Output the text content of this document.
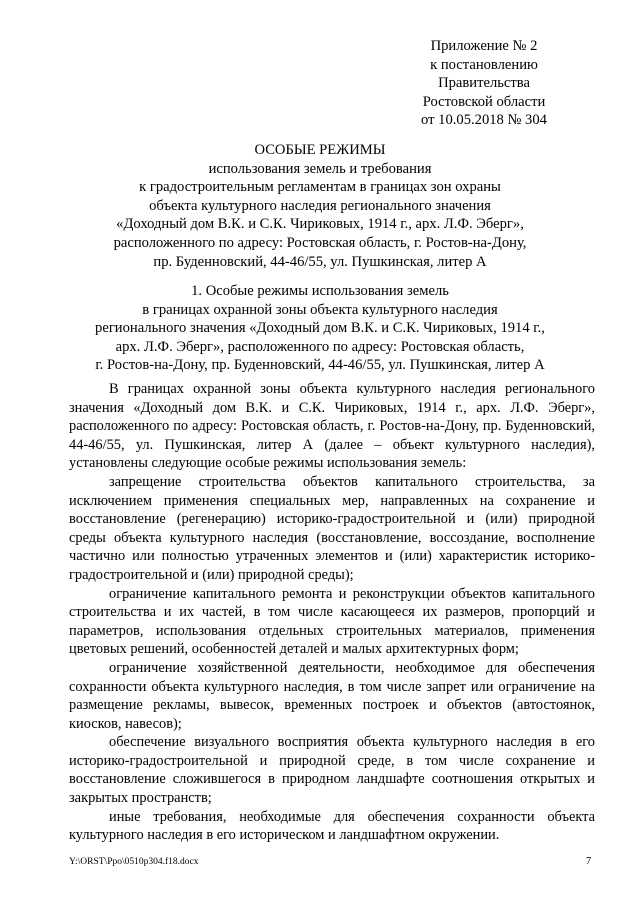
Приложение № 2
к постановлению
Правительства
Ростовской области
от 10.05.2018 № 304
ОСОБЫЕ РЕЖИМЫ
использования земель и требования
к градостроительным регламентам в границах зон охраны
объекта культурного наследия регионального значения
«Доходный дом В.К. и С.К. Чириковых, 1914 г., арх. Л.Ф. Эберг»,
расположенного по адресу: Ростовская область, г. Ростов-на-Дону,
пр. Буденновский, 44-46/55, ул. Пушкинская, литер А
1. Особые режимы использования земель
в границах охранной зоны объекта культурного наследия
регионального значения «Доходный дом В.К. и С.К. Чириковых, 1914 г.,
арх. Л.Ф. Эберг», расположенного по адресу: Ростовская область,
г. Ростов-на-Дону, пр. Буденновский, 44-46/55, ул. Пушкинская, литер А

В границах охранной зоны объекта культурного наследия регионального значения «Доходный дом В.К. и С.К. Чириковых, 1914 г., арх. Л.Ф. Эберг», расположенного по адресу: Ростовская область, г. Ростов-на-Дону, пр. Буденновский, 44-46/55, ул. Пушкинская, литер А (далее – объект культурного наследия), установлены следующие особые режимы использования земель:

запрещение строительства объектов капитального строительства, за исключением применения специальных мер, направленных на сохранение и восстановление (регенерацию) историко-градостроительной и (или) природной среды объекта культурного наследия (восстановление, воссоздание, восполнение частично или полностью утраченных элементов и (или) характеристик историко-градостроительной и (или) природной среды);

ограничение капитального ремонта и реконструкции объектов капитального строительства и их частей, в том числе касающееся их размеров, пропорций и параметров, использования отдельных строительных материалов, применения цветовых решений, особенностей деталей и малых архитектурных форм;

ограничение хозяйственной деятельности, необходимое для обеспечения сохранности объекта культурного наследия, в том числе запрет или ограничение на размещение рекламы, вывесок, временных построек и объектов (автостоянок, киосков, навесов);

обеспечение визуального восприятия объекта культурного наследия в его историко-градостроительной и природной среде, в том числе сохранение и восстановление сложившегося в природном ландшафте соотношения открытых и закрытых пространств;

иные требования, необходимые для обеспечения сохранности объекта культурного наследия в его историческом и ландшафтном окружении.

Y:\ORST\Ppo\0510p304.f18.docx	7
